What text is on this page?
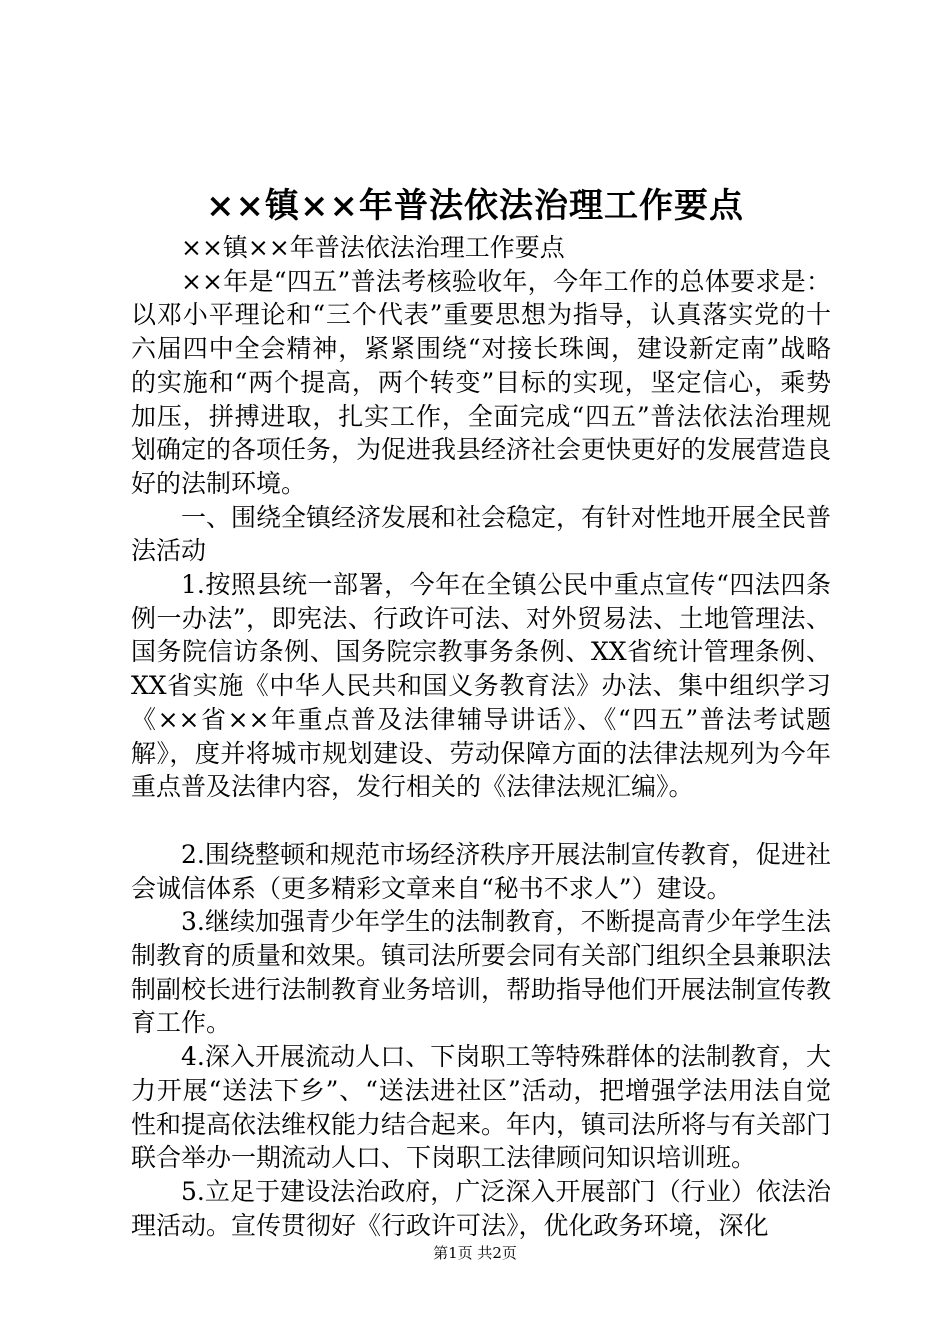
××镇××年普法依法治理工作要点

××镇××年普法依法治理工作要点

××年是“四五”普法考核验收年，今年工作的总体要求是：以邓小平理论和“三个代表”重要思想为指导，认真落实党的十六届四中全会精神，紧紧围绕“对接长珠闽，建设新定南”战略的实施和“两个提高，两个转变”目标的实现，坚定信心，乘势加压，拼搏进取，扎实工作，全面完成“四五”普法依法治理规划确定的各项任务，为促进我县经济社会更快更好的发展营造良好的法制环境。

一、围绕全镇经济发展和社会稳定，有针对性地开展全民普法活动

1.按照县统一部署，今年在全镇公民中重点宣传“四法四条例一办法”，即宪法、行政许可法、对外贸易法、土地管理法、国务院信访条例、国务院宗教事务条例、XX省统计管理条例、XX省实施《中华人民共和国义务教育法》办法、集中组织学习《××省××年重点普及法律辅导讲话》、《“四五”普法考试题解》，度并将城市规划建设、劳动保障方面的法律法规列为今年重点普及法律内容，发行相关的《法律法规汇编》。

2.围绕整顿和规范市场经济秩序开展法制宣传教育，促进社会诚信体系（更多精彩文章来自“秘书不求人”）建设。

3.继续加强青少年学生的法制教育，不断提高青少年学生法制教育的质量和效果。镇司法所要会同有关部门组织全县兼职法制副校长进行法制教育业务培训，帮助指导他们开展法制宣传教育工作。

4.深入开展流动人口、下岗职工等特殊群体的法制教育，大力开展“送法下乡”、“送法进社区”活动，把增强学法用法自觉性和提高依法维权能力结合起来。年内，镇司法所将与有关部门联合举办一期流动人口、下岗职工法律顾问知识培训班。

5.立足于建设法治政府，广泛深入开展部门（行业）依法治理活动。宣传贯彻好《行政许可法》，优化政务环境，深化

第1页 共2页
